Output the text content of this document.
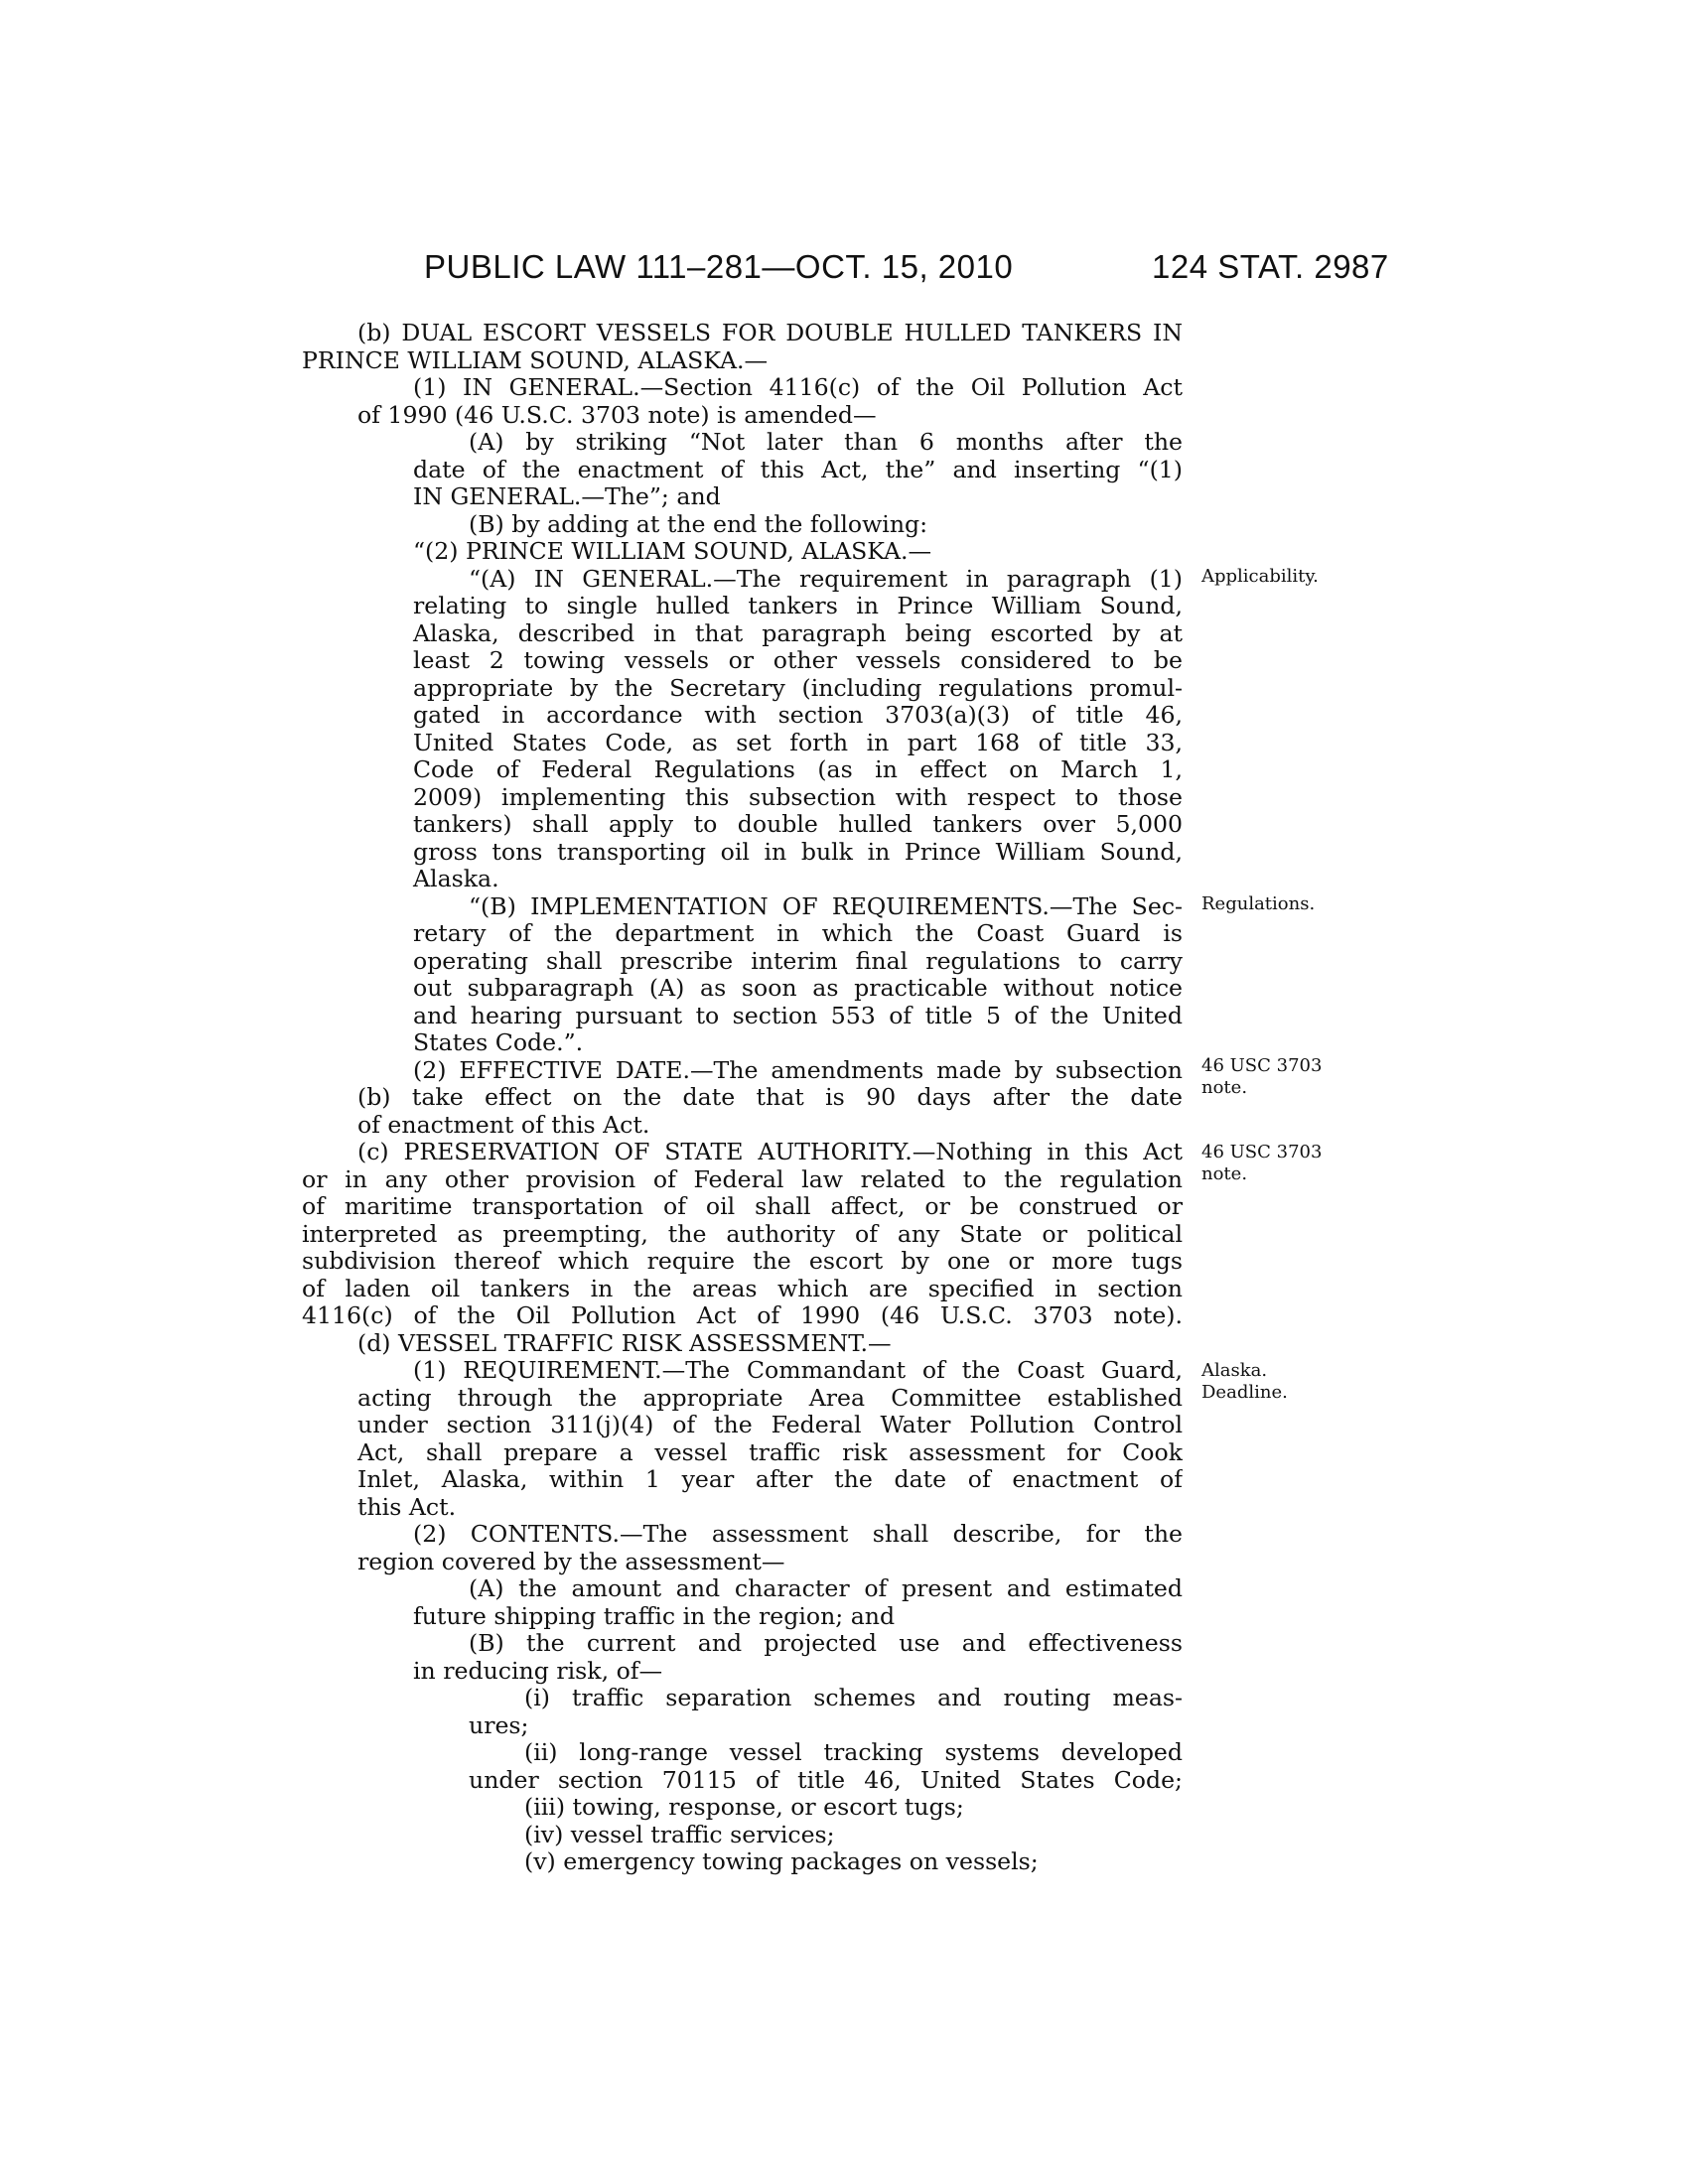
PUBLIC LAW 111–281—OCT. 15, 2010	124 STAT. 2987
(b) DUAL ESCORT VESSELS FOR DOUBLE HULLED TANKERS IN
PRINCE WILLIAM SOUND, ALASKA.—
(1) IN GENERAL.—Section 4116(c) of the Oil Pollution Act
of 1990 (46 U.S.C. 3703 note) is amended—
(A) by striking “Not later than 6 months after the
date of the enactment of this Act, the” and inserting “(1)
IN GENERAL.—The”; and
(B) by adding at the end the following:
“(2) PRINCE WILLIAM SOUND, ALASKA.—
“(A) IN GENERAL.—The requirement in paragraph (1)
relating to single hulled tankers in Prince William Sound,
Alaska, described in that paragraph being escorted by at
least 2 towing vessels or other vessels considered to be
appropriate by the Secretary (including regulations promul-
gated in accordance with section 3703(a)(3) of title 46,
United States Code, as set forth in part 168 of title 33,
Code of Federal Regulations (as in effect on March 1,
2009) implementing this subsection with respect to those
tankers) shall apply to double hulled tankers over 5,000
gross tons transporting oil in bulk in Prince William Sound,
Alaska.
“(B) IMPLEMENTATION OF REQUIREMENTS.—The Sec-
retary of the department in which the Coast Guard is
operating shall prescribe interim final regulations to carry
out subparagraph (A) as soon as practicable without notice
and hearing pursuant to section 553 of title 5 of the United
States Code.”.
(2) EFFECTIVE DATE.—The amendments made by subsection
(b) take effect on the date that is 90 days after the date
of enactment of this Act.
(c) PRESERVATION OF STATE AUTHORITY.—Nothing in this Act
or in any other provision of Federal law related to the regulation
of maritime transportation of oil shall affect, or be construed or
interpreted as preempting, the authority of any State or political
subdivision thereof which require the escort by one or more tugs
of laden oil tankers in the areas which are specified in section
4116(c) of the Oil Pollution Act of 1990 (46 U.S.C. 3703 note).
(d) VESSEL TRAFFIC RISK ASSESSMENT.—
(1) REQUIREMENT.—The Commandant of the Coast Guard,
acting through the appropriate Area Committee established
under section 311(j)(4) of the Federal Water Pollution Control
Act, shall prepare a vessel traffic risk assessment for Cook
Inlet, Alaska, within 1 year after the date of enactment of
this Act.
(2) CONTENTS.—The assessment shall describe, for the
region covered by the assessment—
(A) the amount and character of present and estimated
future shipping traffic in the region; and
(B) the current and projected use and effectiveness
in reducing risk, of—
(i) traffic separation schemes and routing meas-
ures;
(ii) long-range vessel tracking systems developed
under section 70115 of title 46, United States Code;
(iii) towing, response, or escort tugs;
(iv) vessel traffic services;
(v) emergency towing packages on vessels;
Applicability.
Regulations.
46 USC 3703
note.
46 USC 3703
note.
Alaska.
Deadline.
